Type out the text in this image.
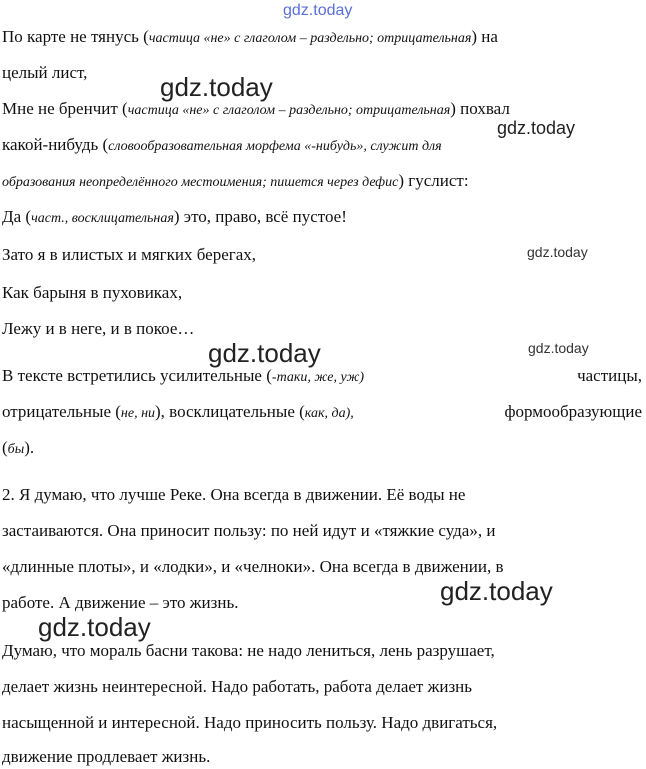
gdz.today
По карте не тянусь (частица «не» с глаголом – раздельно; отрицательная) на
целый лист,
Мне не бренчит (частица «не» с глаголом – раздельно; отрицательная) похвал
какой-нибудь (словообразовательная морфема «-нибудь», служит для
образования неопределённого местоимения; пишется через дефис) гуслист:
Да (част., восклицательная) это, право, всё пустое!
Зато я в илистых и мягких берегах,
Как барыня в пуховиках,
Лежу и в неге, и в покое…
В тексте встретились усилительные (-таки, же, уж)	частицы,
отрицательные (не, ни), восклицательные (как, да),	формообразующие
(бы).
2. Я думаю, что лучше Реке. Она всегда в движении. Её воды не
застаиваются. Она приносит пользу: по ней идут и «тяжкие суда», и
«длинные плоты», и «лодки», и «челноки». Она всегда в движении, в
работе. А движение – это жизнь.
Думаю, что мораль басни такова: не надо лениться, лень разрушает,
делает жизнь неинтересной. Надо работать, работа делает жизнь
насыщенной и интересной. Надо приносить пользу. Надо двигаться,
движение продлевает жизнь.
gdz.today
gdz.today
gdz.today
gdz.today	gdz.today
gdz.today
gdz.today
